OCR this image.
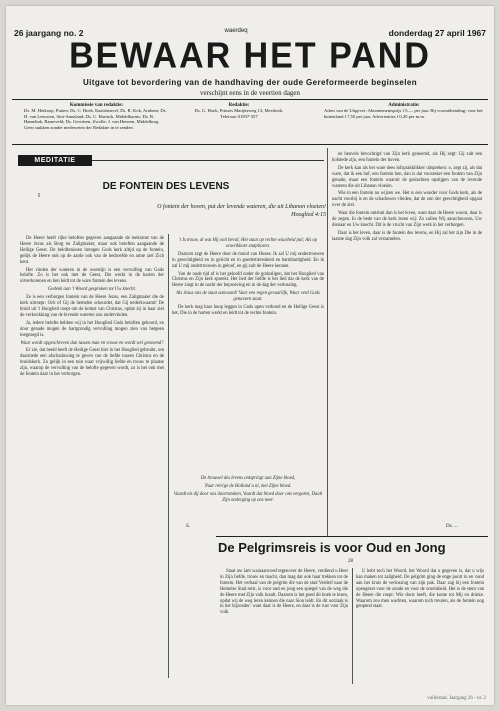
26 jaargang no. 2	waerdeq	donderdag 27 april 1967
BEWAAR HET PAND
Uitgave tot bevordering van de handhaving der oude Gereformeerde beginselen
verschijnt eens in de veertien dagen
Kommissie van redaktie:
Ds. M. Heikoop, Putten; Ds. C. Hoek, Kaatsheuvel; Ds. R. Kok, Arnhem; Ds. H. van Leeuwen, Sint-Annaland; Ds. C. Harinck, Middelharnis; Ds. B. Hamelink, Barneveld; Ds. Gerritsen, Zwolle; J. van Heteren, Middelburg. Geen stukken zonder medeweten der Redaktie in te zenden.
Redaktie:
Ds. G. Hoek, Prinses Marijkeweg 13, Meerkerk, Telefoon 01837-357
Administratie:
Adres van de Uitgever: Abonnementsprijs f 5,— per jaar. Bij vooruitbetaling; voor het buitenland f 7,50 per jaar. Advertenties f 0,20 per m.m.
MEDITATIE
DE FONTEIN DES LEVENS
I
O fontein der hoven, put der levende wateren, die uit Libanon vloeien!
Hooglied 4:15

De Heere heeft rijke beloften gegeven aangaande de toekomst van de Heere Jezus als Borg en Zaligmaker, maar ook beloften aangaande de Heilige Geest. De beloftenissen brengen Gods kerk altijd op de fontein, gelijk de Heere ook op de aarde ook van de bedroefde en arme ziel Zich kent.

Het vinden der wateren in de woestijn is een vervulling van Gods belofte. Zo is het ook met de Geest, Die werkt in de harten der uitverkorenen en hen leidt tot de ware fontein des levens.

Gedenk aan 't Woord gesproken tot Uw knecht.

Ze is een verborgen fontein van de Heere Jezus, een Zaligmaker die de kerk uitroept: Och of Gij de hemelen scheurdet, dat Gij nederkwaamt! De bruid uit 't Hooglied roept om de komst van Christus, opdat zij in haar ziel de verkwikking van de levende wateren zou ondervinden.

Ja, iedere belofte hebben wij in het Hooglied Gods beloften gehoord, en door genade mogen de hartgrondig vervulling mogen zien van hetgeen toegezegd is.

Waar wordt opgeschreven dan tussen man en vrouw en wordt wel genoemd?

Er zie, dat beeld heeft de Heilige Geest hier in het Hooglied gebruikt, om daarmede een afschaduwing te geven van de liefde tussen Christus en de bruidskerk. Zo gelijk in een tuin waar vrijwillig liefde en trouw te plaatse zijn, waarop de vervulling van de belofte gegeven wordt, zo is het ook met de fontein daar in het verborgen.

't Is trouw, al wat Hij ooit beval; Het staat op rechte waarheid pal; Als op onwrikbare stutpilaren.

Daarom zegt de Heere door de mond van Hosea: Ik zal U mij ondertrouwen in gerechtigheid en in gericht en in goedertierenheid en barmhartigheid. En ik zal U mij ondertrouwen in geloof, en gij zult de Heere kennen.

Van de oude tijd af is het geloofd onder de godzaligen, dat het Hooglied van Christus en Zijn kerk spreekt. Het lied der liefde is het lied dat de kerk van de Heere zingt in de nacht der beproeving en in de dag der verlossing.

Als Jezus ons de staat aanvaard! Vaar een regen gevaarlijk, Waar verd Gods genaveen staat.

De kerk mag haar hoop leggen in Gods open verbond en de Heilige Geest is het, Die in de harten werkt en leidt tot de rechte fontein.

en heuvels bevochtigd van Zijn kerk genoemd, als Hij zegt: Gij zult een hofstede zijn, een fontein der hoven.

De kerk kan als het ware dees lofsprakklikker uitspreken: o, zegt zij, als dat ware, dat ik een hof, een fontein ben, dan is dat voorzeker een fontein van Zijn genade, maar een fontein waaruit de geslachten opstijgen van de levende wateren die uit Libanon vloeien.

Wie in een fontein nu wijzen we. Het is een wonder voor Gods kerk, als de nacht voorbij is en de schaduwen vlieden, dat de zon der gerechtigheid opgaat over de ziel.

Waar die fontein ontsluit dan is het leven, want daar de Heere woont, daar is de zegen. In de bede van de kerk lezen wij: Zo zullen Wij aanschouwen, Uw dienaar en Uw knecht. Dit is de vrucht van Zijn werk in het verborgen.

Daar is het leven, daar is de fontein des levens, en Hij zal het zijn Die in de laatste dag Zijn volk zal verzamelen.

De brouwel des levens ontspringt aan Zijne bloed,

Naar rein'ge de Holland u ni, met Zijne bloed.

Vaardt eis dij door ons doornstoken, Vaardt dat bloed door ons vergoten, Daalt Zijn onderging op ons neer.

S.	Ds. ...
De Pelgrimsreis is voor Oud en Jong
28

Staat uw lam waaraanvoed tegenover de Heere, verdiend u Heer in Zijn liefde, trouw en macht, dan mag dat ook haar trekken tot de fontein. Het verhaal van de pelgrim die van de stad Verderf naar de Hemelse Stad reist, is voor oud en jong een spiegel van de weg die de Heere met Zijn volk houdt. Daarom is het goed dit boek te lezen, opdat wij de weg leren kennen die naar Sion leidt. En dit oorzaak is in het bijzonder: want daar is de Heere, en daar is de rust voor Zijn volk.

U hebt toch het Woord, het Woord dat u gegeven is, dat u wijs kan maken tot zaligheid. De pelgrim ging de enge poort in en vond aan het kruis de verlossing van zijn pak. Daar zag hij een fontein opengezet voor de zonde en voor de onreinheid. Het is de stem van de Heere die roept: Wie dorst heeft, die kome tot Mij en drinke. Waarom zou men wachten, waarom toch treuren, als de fontein nog geopend staat.

vuillestad. Jaargang 26 - nr. 2
